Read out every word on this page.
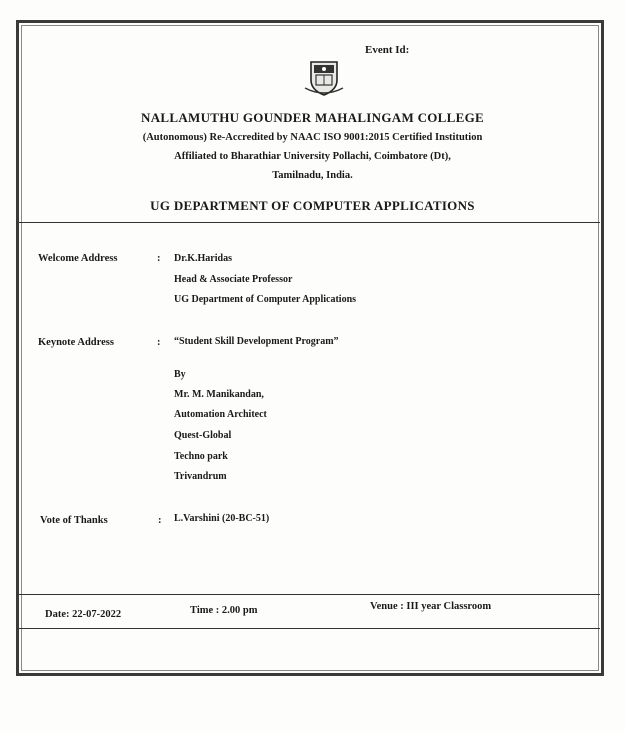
Event Id:
NALLAMUTHU GOUNDER MAHALINGAM COLLEGE
(Autonomous) Re-Accredited by NAAC ISO 9001:2015 Certified Institution
Affiliated to Bharathiar University Pollachi, Coimbatore (Dt),
Tamilnadu, India.
UG DEPARTMENT OF COMPUTER APPLICATIONS
Welcome Address	: Dr.K.Haridas
Head & Associate Professor
UG Department of Computer Applications
Keynote Address	: “Student Skill Development Program”
By
Mr. M. Manikandan,
Automation Architect
Quest-Global
Techno park
Trivandrum
Vote of Thanks	: L.Varshini (20-BC-51)
Date: 22-07-2022	Time : 2.00 pm	Venue : III year Classroom
